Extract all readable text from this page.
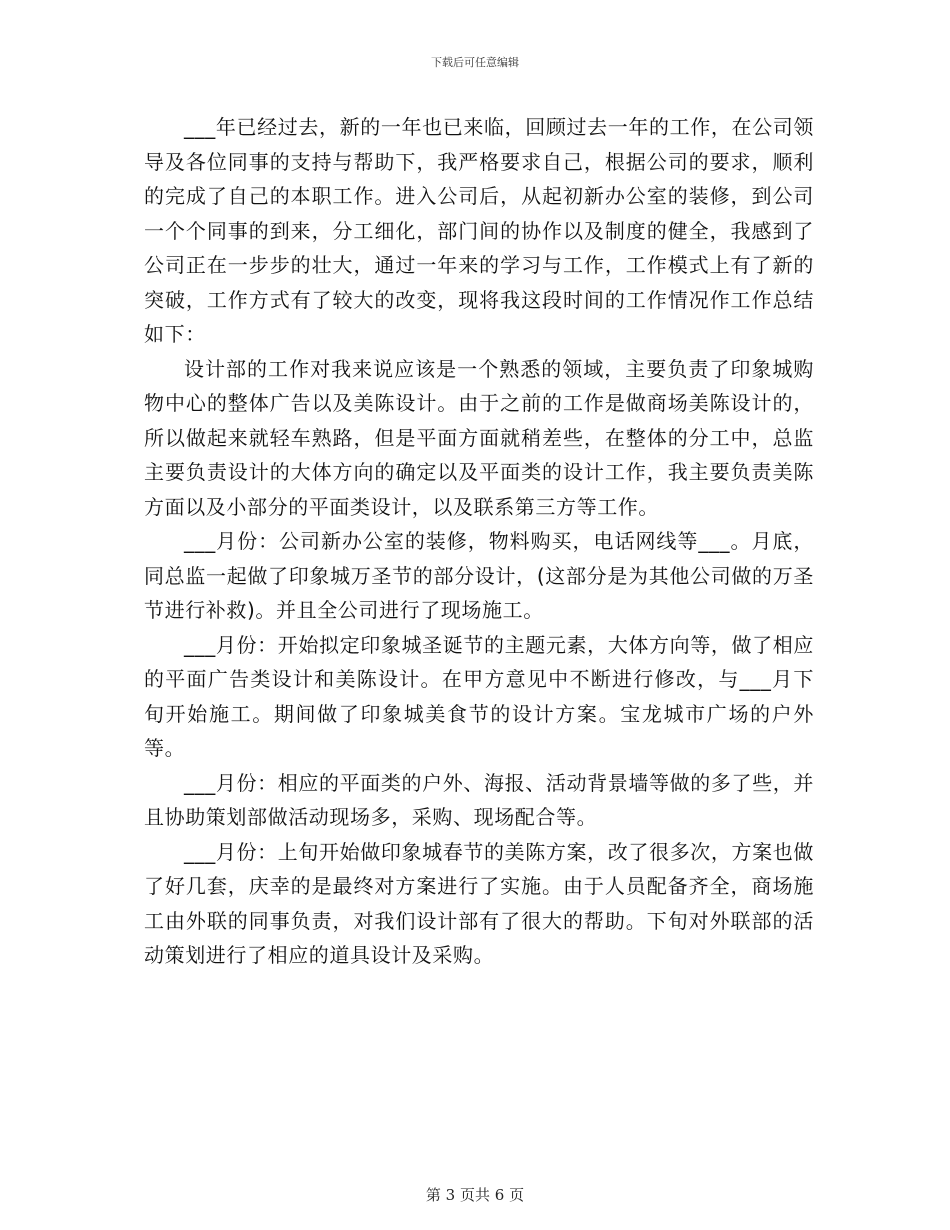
下载后可任意编辑

___年已经过去，新的一年也已来临，回顾过去一年的工作，在公司领导及各位同事的支持与帮助下，我严格要求自己，根据公司的要求，顺利的完成了自己的本职工作。进入公司后，从起初新办公室的装修，到公司一个个同事的到来，分工细化，部门间的协作以及制度的健全，我感到了公司正在一步步的壮大，通过一年来的学习与工作，工作模式上有了新的突破，工作方式有了较大的改变，现将我这段时间的工作情况作工作总结如下：

设计部的工作对我来说应该是一个熟悉的领域，主要负责了印象城购物中心的整体广告以及美陈设计。由于之前的工作是做商场美陈设计的，所以做起来就轻车熟路，但是平面方面就稍差些，在整体的分工中，总监主要负责设计的大体方向的确定以及平面类的设计工作，我主要负责美陈方面以及小部分的平面类设计，以及联系第三方等工作。

___月份：公司新办公室的装修，物料购买，电话网线等___。月底，同总监一起做了印象城万圣节的部分设计，(这部分是为其他公司做的万圣节进行补救)。并且全公司进行了现场施工。

___月份：开始拟定印象城圣诞节的主题元素，大体方向等，做了相应的平面广告类设计和美陈设计。在甲方意见中不断进行修改，与___月下旬开始施工。期间做了印象城美食节的设计方案。宝龙城市广场的户外等。

___月份：相应的平面类的户外、海报、活动背景墙等做的多了些，并且协助策划部做活动现场多，采购、现场配合等。

___月份：上旬开始做印象城春节的美陈方案，改了很多次，方案也做了好几套，庆幸的是最终对方案进行了实施。由于人员配备齐全，商场施工由外联的同事负责，对我们设计部有了很大的帮助。下旬对外联部的活动策划进行了相应的道具设计及采购。

第 3 页共 6 页
